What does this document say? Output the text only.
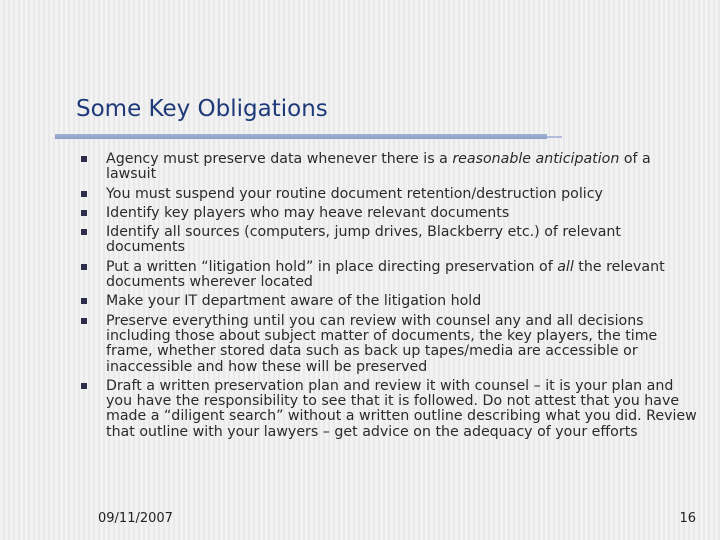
Some Key Obligations
Agency must preserve data whenever there is a reasonable anticipation of a lawsuit
You must suspend your routine document retention/destruction policy
Identify key players who may heave relevant documents
Identify all sources (computers, jump drives, Blackberry etc.) of relevant documents
Put a written “litigation hold” in place directing preservation of all the relevant documents wherever located
Make your IT department aware of the litigation hold
Preserve everything until you can review with counsel any and all decisions including those about subject matter of documents, the key players, the time frame, whether stored data such as back up tapes/media are accessible or inaccessible and how these will be preserved
Draft a written preservation plan and review it with counsel – it is your plan and you have the responsibility to see that it is followed. Do not attest that you have made a “diligent search” without a written outline describing what you did. Review that outline with your lawyers – get advice on the adequacy of your efforts

09/11/2007	16
